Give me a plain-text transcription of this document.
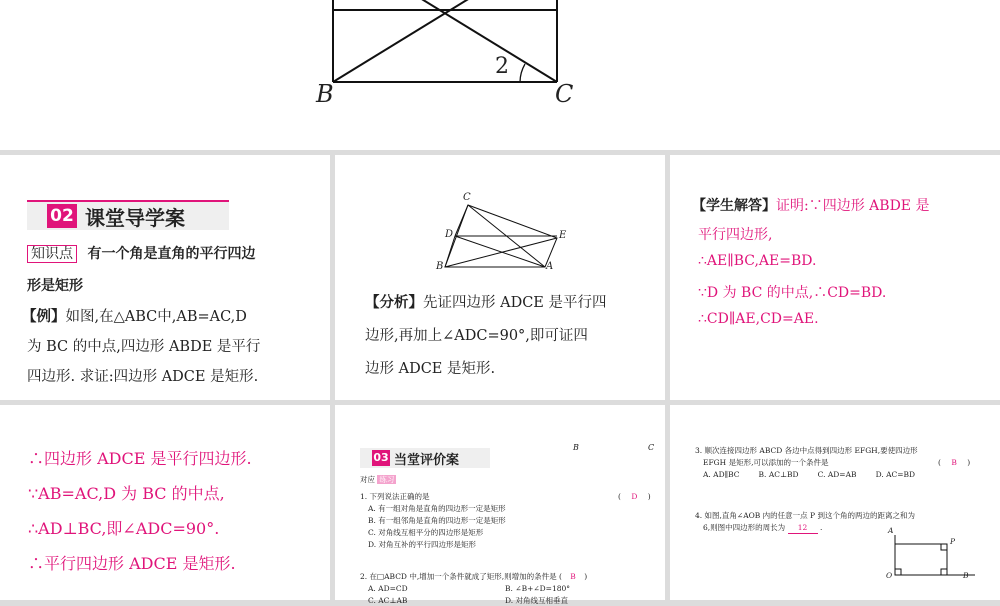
B	C
2
02 课堂导学案
知识点 有一个角是直角的平行四边
形是矩形
【例】如图,在△ABC中,AB=AC,D
为 BC 的中点,四边形 ABDE 是平行
四边形. 求证:四边形 ADCE 是矩形.
C
D	E
B	A
【分析】先证四边形 ADCE 是平行四
边形,再加上∠ADC=90°,即可证四
边形 ADCE 是矩形.
【学生解答】证明:∵四边形 ABDE 是
平行四边形,
∴AE∥BC,AE=BD.
∵D 为 BC 的中点,∴CD=BD.
∴CD∥AE,CD=AE.
∴四边形 ADCE 是平行四边形.
∵AB=AC,D 为 BC 的中点,
∴AD⊥BC,即∠ADC=90°.
∴平行四边形 ADCE 是矩形.
B	C
03 当堂评价案
对应 练习
1. 下列说法正确的是	( D )
A. 有一组对角是直角的四边形一定是矩形
B. 有一组邻角是直角的四边形一定是矩形
C. 对角线互相平分的四边形是矩形
D. 对角互补的平行四边形是矩形
2. 在□ABCD 中,增加一个条件就成了矩形,则增加的条件是 ( B )
A. AD=CD	B. ∠B+∠D=180°
C. AC⊥AB	D. 对角线互相垂直
3. 顺次连接四边形 ABCD 各边中点得到四边形 EFGH,要使四边形
EFGH 是矩形,可以添加的一个条件是	( B )
A. AD∥BC        B. AC⊥BD        C. AD=AB        D. AC=BD
4. 如图,直角∠AOB 内的任意一点 P 到这个角的两边的距离之和为
6,则图中四边形的周长为 12 .	A
P
O	B
